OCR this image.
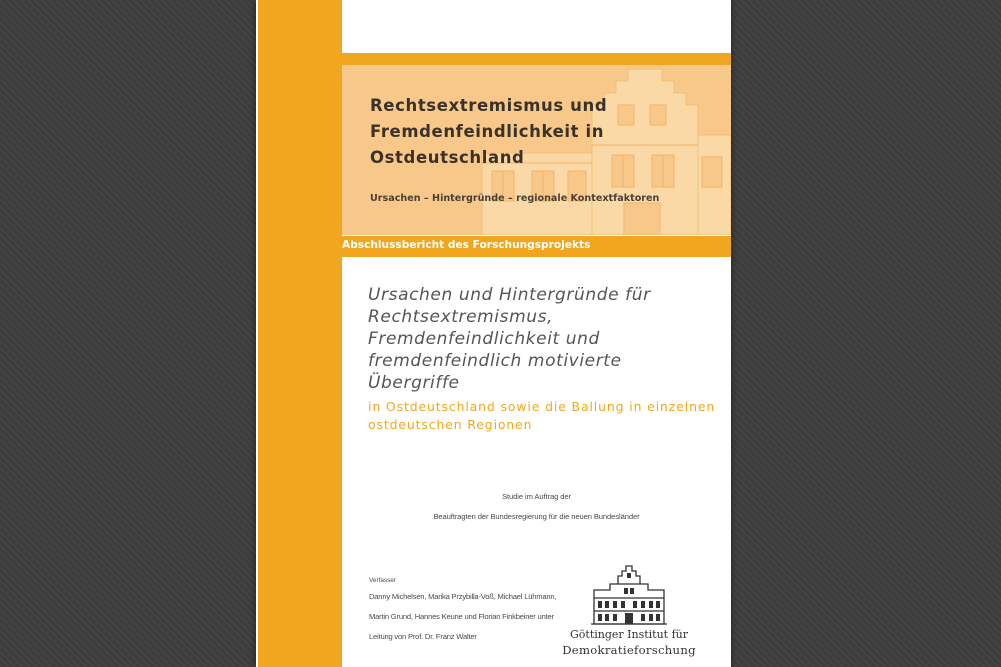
Rechtsextremismus und Fremdenfeindlichkeit in Ostdeutschland

Ursachen – Hintergründe – regionale Kontextfaktoren

Abschlussbericht des Forschungsprojekts

Ursachen und Hintergründe für Rechtsextremismus, Fremdenfeindlichkeit und fremdenfeindlich motivierte Übergriffe

in Ostdeutschland sowie die Ballung in einzelnen ostdeutschen Regionen

Studie im Auftrag der
Beauftragten der Bundesregierung für die neuen Bundesländer

Verfasser
Danny Michelsen, Marika Przybilla-Voß, Michael Lühmann, Martin Grund, Hannes Keune und Florian Finkbeiner unter Leitung von Prof. Dr. Franz Walter	Göttinger Institut für

Demokratieforschung
